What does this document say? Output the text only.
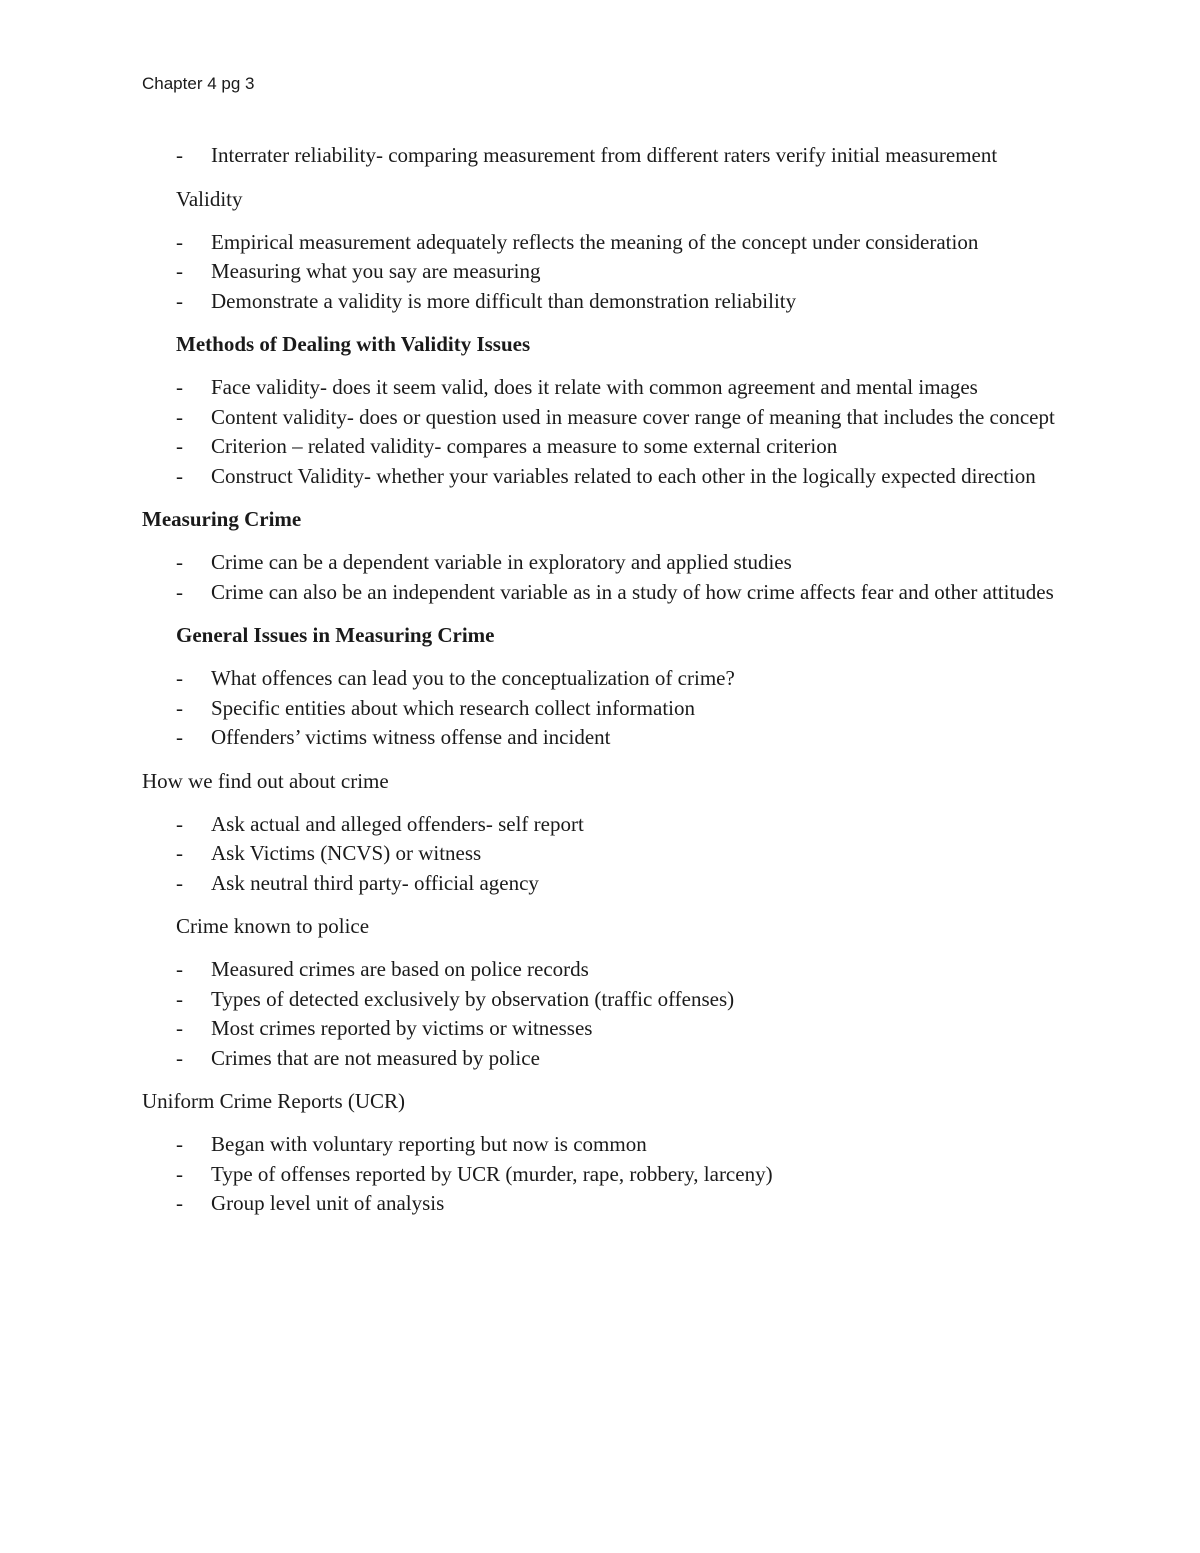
Chapter 4 pg 3

- Interrater reliability- comparing measurement from different raters verify initial measurement

Validity

- Empirical measurement adequately reflects the meaning of the concept under consideration
- Measuring what you say are measuring
- Demonstrate a validity is more difficult than demonstration reliability

Methods of Dealing with Validity Issues

- Face validity- does it seem valid, does it relate with common agreement and mental images
- Content validity- does or question used in measure cover range of meaning that includes the concept
- Criterion – related validity- compares a measure to some external criterion
- Construct Validity- whether your variables related to each other in the logically expected direction

Measuring Crime

- Crime can be a dependent variable in exploratory and applied studies
- Crime can also be an independent variable as in a study of how crime affects fear and other attitudes

General Issues in Measuring Crime

- What offences can lead you to the conceptualization of crime?
- Specific entities about which research collect information
- Offenders’ victims witness offense and incident

How we find out about crime

- Ask actual and alleged offenders- self report
- Ask Victims (NCVS) or witness
- Ask neutral third party- official agency

Crime known to police

- Measured crimes are based on police records
- Types of detected exclusively by observation (traffic offenses)
- Most crimes reported by victims or witnesses
- Crimes that are not measured by police

Uniform Crime Reports (UCR)

- Began with voluntary reporting but now is common
- Type of offenses reported by UCR (murder, rape, robbery, larceny)
- Group level unit of analysis
